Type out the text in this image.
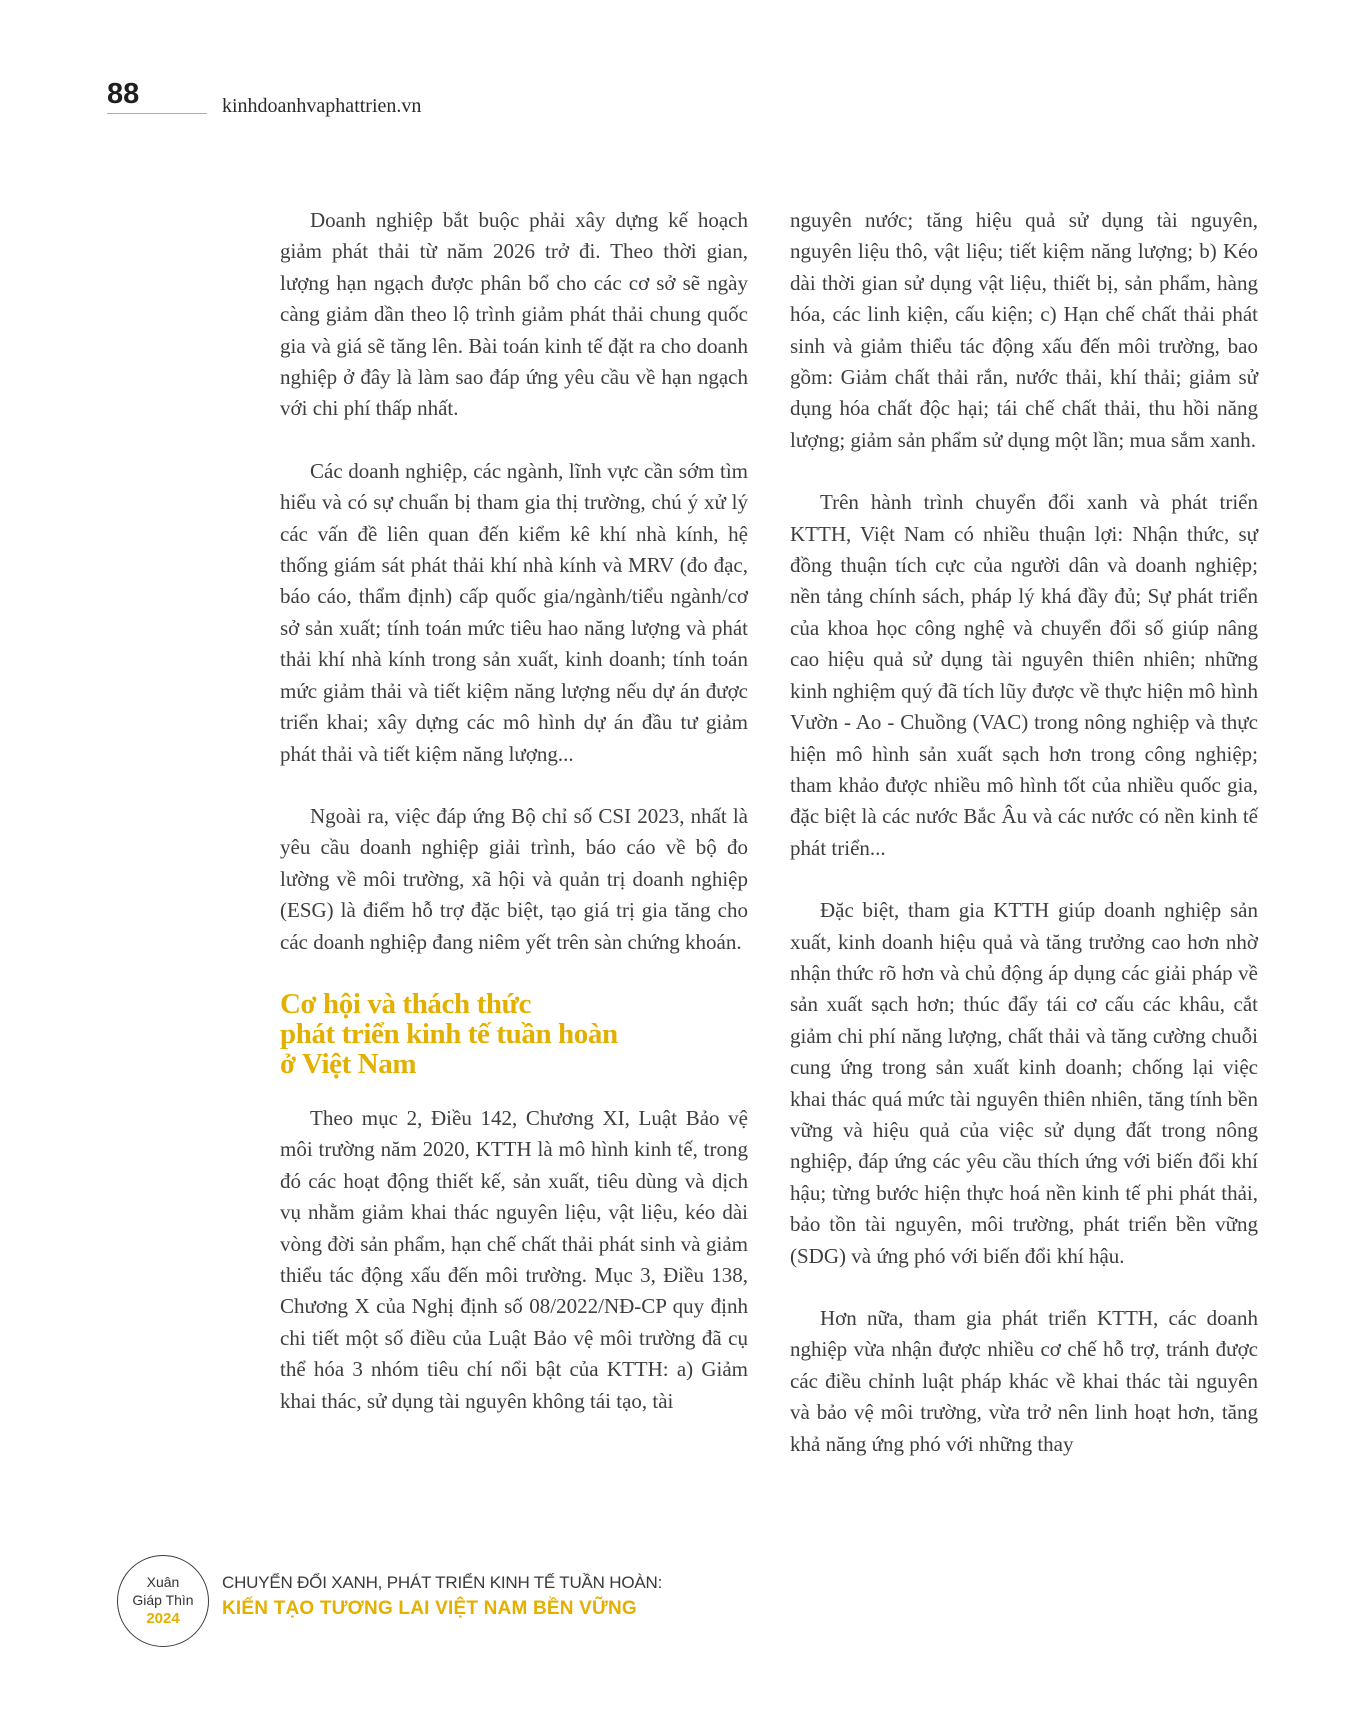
88	kinhdoanhvaphattrien.vn

Doanh nghiệp bắt buộc phải xây dựng kế hoạch giảm phát thải từ năm 2026 trở đi. Theo thời gian, lượng hạn ngạch được phân bổ cho các cơ sở sẽ ngày càng giảm dần theo lộ trình giảm phát thải chung quốc gia và giá sẽ tăng lên. Bài toán kinh tế đặt ra cho doanh nghiệp ở đây là làm sao đáp ứng yêu cầu về hạn ngạch với chi phí thấp nhất.

Các doanh nghiệp, các ngành, lĩnh vực cần sớm tìm hiểu và có sự chuẩn bị tham gia thị trường, chú ý xử lý các vấn đề liên quan đến kiểm kê khí nhà kính, hệ thống giám sát phát thải khí nhà kính và MRV (đo đạc, báo cáo, thẩm định) cấp quốc gia/ngành/tiểu ngành/cơ sở sản xuất; tính toán mức tiêu hao năng lượng và phát thải khí nhà kính trong sản xuất, kinh doanh; tính toán mức giảm thải và tiết kiệm năng lượng nếu dự án được triển khai; xây dựng các mô hình dự án đầu tư giảm phát thải và tiết kiệm năng lượng...

Ngoài ra, việc đáp ứng Bộ chỉ số CSI 2023, nhất là yêu cầu doanh nghiệp giải trình, báo cáo về bộ đo lường về môi trường, xã hội và quản trị doanh nghiệp (ESG) là điểm hỗ trợ đặc biệt, tạo giá trị gia tăng cho các doanh nghiệp đang niêm yết trên sàn chứng khoán.

Cơ hội và thách thức
phát triển kinh tế tuần hoàn
ở Việt Nam

Theo mục 2, Điều 142, Chương XI, Luật Bảo vệ môi trường năm 2020, KTTH là mô hình kinh tế, trong đó các hoạt động thiết kế, sản xuất, tiêu dùng và dịch vụ nhằm giảm khai thác nguyên liệu, vật liệu, kéo dài vòng đời sản phẩm, hạn chế chất thải phát sinh và giảm thiểu tác động xấu đến môi trường. Mục 3, Điều 138, Chương X của Nghị định số 08/2022/NĐ-CP quy định chi tiết một số điều của Luật Bảo vệ môi trường đã cụ thể hóa 3 nhóm tiêu chí nổi bật của KTTH: a) Giảm khai thác, sử dụng tài nguyên không tái tạo, tài

nguyên nước; tăng hiệu quả sử dụng tài nguyên, nguyên liệu thô, vật liệu; tiết kiệm năng lượng; b) Kéo dài thời gian sử dụng vật liệu, thiết bị, sản phẩm, hàng hóa, các linh kiện, cấu kiện; c) Hạn chế chất thải phát sinh và giảm thiểu tác động xấu đến môi trường, bao gồm: Giảm chất thải rắn, nước thải, khí thải; giảm sử dụng hóa chất độc hại; tái chế chất thải, thu hồi năng lượng; giảm sản phẩm sử dụng một lần; mua sắm xanh.

Trên hành trình chuyển đổi xanh và phát triển KTTH, Việt Nam có nhiều thuận lợi: Nhận thức, sự đồng thuận tích cực của người dân và doanh nghiệp; nền tảng chính sách, pháp lý khá đầy đủ; Sự phát triển của khoa học công nghệ và chuyển đổi số giúp nâng cao hiệu quả sử dụng tài nguyên thiên nhiên; những kinh nghiệm quý đã tích lũy được về thực hiện mô hình Vườn - Ao - Chuồng (VAC) trong nông nghiệp và thực hiện mô hình sản xuất sạch hơn trong công nghiệp; tham khảo được nhiều mô hình tốt của nhiều quốc gia, đặc biệt là các nước Bắc Âu và các nước có nền kinh tế phát triển...

Đặc biệt, tham gia KTTH giúp doanh nghiệp sản xuất, kinh doanh hiệu quả và tăng trưởng cao hơn nhờ nhận thức rõ hơn và chủ động áp dụng các giải pháp về sản xuất sạch hơn; thúc đẩy tái cơ cấu các khâu, cắt giảm chi phí năng lượng, chất thải và tăng cường chuỗi cung ứng trong sản xuất kinh doanh; chống lại việc khai thác quá mức tài nguyên thiên nhiên, tăng tính bền vững và hiệu quả của việc sử dụng đất trong nông nghiệp, đáp ứng các yêu cầu thích ứng với biến đổi khí hậu; từng bước hiện thực hoá nền kinh tế phi phát thải, bảo tồn tài nguyên, môi trường, phát triển bền vững (SDG) và ứng phó với biến đổi khí hậu.

Hơn nữa, tham gia phát triển KTTH, các doanh nghiệp vừa nhận được nhiều cơ chế hỗ trợ, tránh được các điều chỉnh luật pháp khác về khai thác tài nguyên và bảo vệ môi trường, vừa trở nên linh hoạt hơn, tăng khả năng ứng phó với những thay

Xuân
Giáp Thìn
2024
CHUYỂN ĐỔI XANH, PHÁT TRIỂN KINH TẾ TUẦN HOÀN:
KIẾN TẠO TƯƠNG LAI VIỆT NAM BỀN VỮNG
